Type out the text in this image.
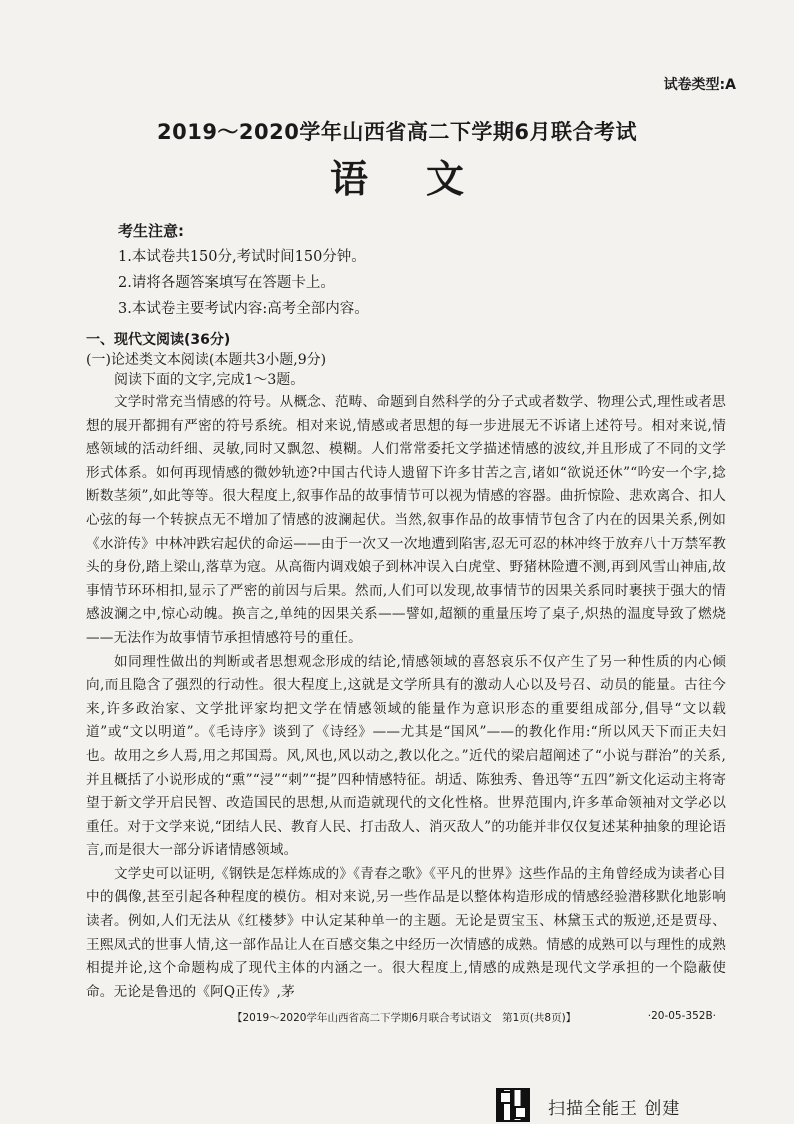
试卷类型:A
2019～2020学年山西省高二下学期6月联合考试
语文
考生注意:
1.本试卷共150分,考试时间150分钟。
2.请将各题答案填写在答题卡上。
3.本试卷主要考试内容:高考全部内容。
一、现代文阅读(36分)
(一)论述类文本阅读(本题共3小题,9分)
阅读下面的文字,完成1～3题。

文学时常充当情感的符号。从概念、范畴、命题到自然科学的分子式或者数学、物理公式,理性或者思想的展开都拥有严密的符号系统。相对来说,情感或者思想的每一步进展无不诉诸上述符号。相对来说,情感领域的活动纤细、灵敏,同时又飘忽、模糊。人们常常委托文学描述情感的波纹,并且形成了不同的文学形式体系。如何再现情感的微妙轨迹?中国古代诗人遗留下许多甘苦之言,诸如“欲说还休”“吟安一个字,捻断数茎须”,如此等等。很大程度上,叙事作品的故事情节可以视为情感的容器。曲折惊险、悲欢离合、扣人心弦的每一个转捩点无不增加了情感的波澜起伏。当然,叙事作品的故事情节包含了内在的因果关系,例如《水浒传》中林冲跌宕起伏的命运——由于一次又一次地遭到陷害,忍无可忍的林冲终于放弃八十万禁军教头的身份,踏上梁山,落草为寇。从高衙内调戏娘子到林冲误入白虎堂、野猪林险遭不测,再到风雪山神庙,故事情节环环相扣,显示了严密的前因与后果。然而,人们可以发现,故事情节的因果关系同时裹挟于强大的情感波澜之中,惊心动魄。换言之,单纯的因果关系——譬如,超额的重量压垮了桌子,炽热的温度导致了燃烧——无法作为故事情节承担情感符号的重任。

如同理性做出的判断或者思想观念形成的结论,情感领域的喜怒哀乐不仅产生了另一种性质的内心倾向,而且隐含了强烈的行动性。很大程度上,这就是文学所具有的激动人心以及号召、动员的能量。古往今来,许多政治家、文学批评家均把文学在情感领域的能量作为意识形态的重要组成部分,倡导“文以载道”或“文以明道”。《毛诗序》谈到了《诗经》——尤其是“国风”——的教化作用:“所以风天下而正夫妇也。故用之乡人焉,用之邦国焉。风,风也,风以动之,教以化之。”近代的梁启超阐述了“小说与群治”的关系,并且概括了小说形成的“熏”“浸”“刺”“提”四种情感特征。胡适、陈独秀、鲁迅等“五四”新文化运动主将寄望于新文学开启民智、改造国民的思想,从而造就现代的文化性格。世界范围内,许多革命领袖对文学必以重任。对于文学来说,“团结人民、教育人民、打击敌人、消灭敌人”的功能并非仅仅复述某种抽象的理论语言,而是很大一部分诉诸情感领域。

文学史可以证明,《钢铁是怎样炼成的》《青春之歌》《平凡的世界》这些作品的主角曾经成为读者心目中的偶像,甚至引起各种程度的模仿。相对来说,另一些作品是以整体构造形成的情感经验潜移默化地影响读者。例如,人们无法从《红楼梦》中认定某种单一的主题。无论是贾宝玉、林黛玉式的叛逆,还是贾母、王熙凤式的世事人情,这一部作品让人在百感交集之中经历一次情感的成熟。情感的成熟可以与理性的成熟相提并论,这个命题构成了现代主体的内涵之一。很大程度上,情感的成熟是现代文学承担的一个隐蔽使命。无论是鲁迅的《阿Q正传》,茅

【2019～2020学年山西省高二下学期6月联合考试语文　第1页(共8页)】	·20-05-352B·
扫描全能王 创建
